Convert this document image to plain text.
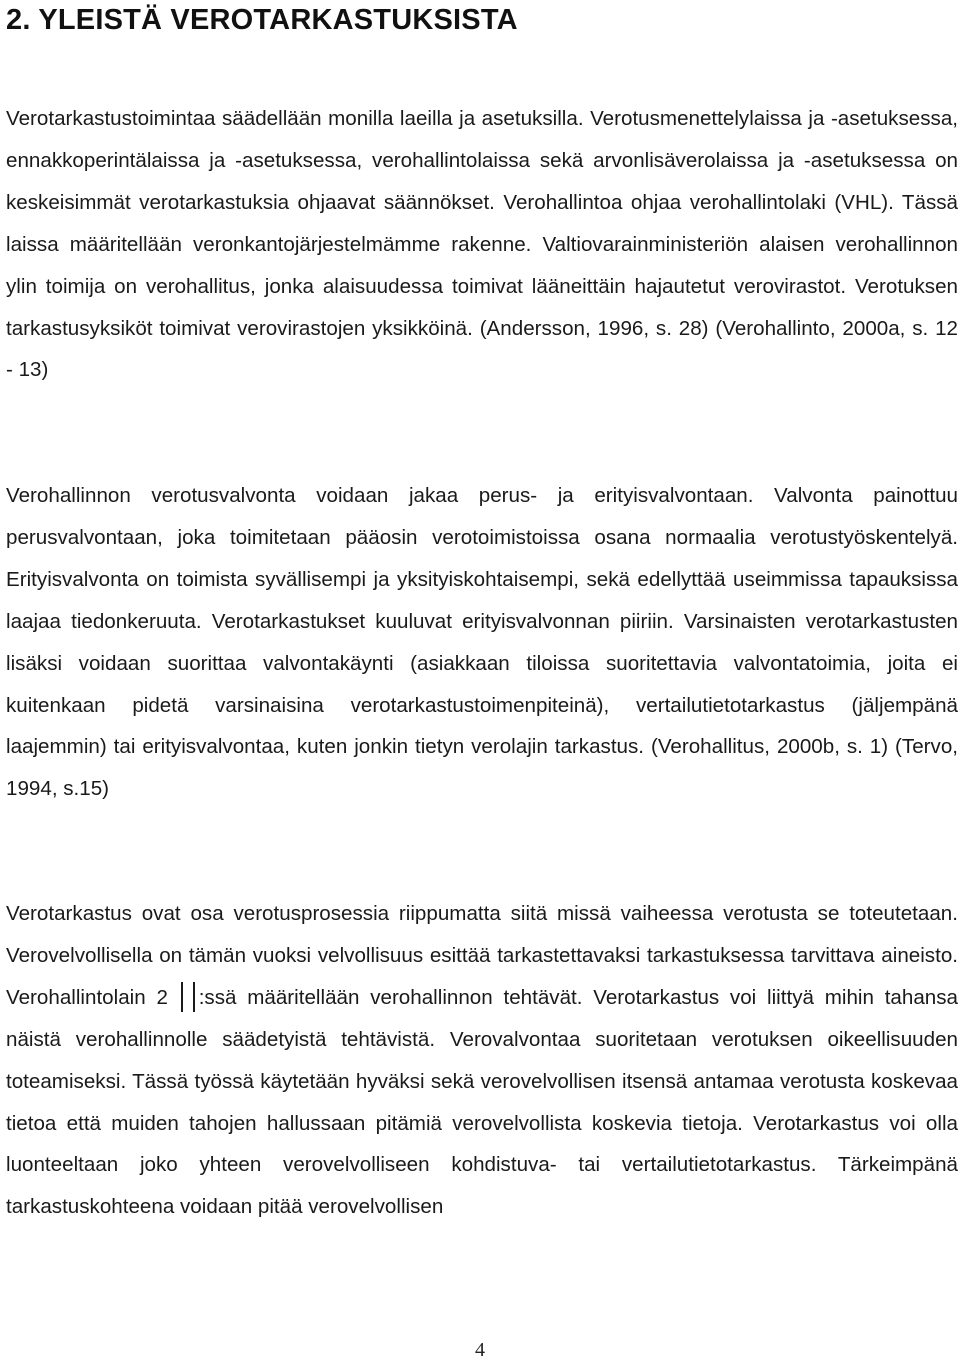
2. YLEISTÄ VEROTARKASTUKSISTA

Verotarkastustoimintaa säädellään monilla laeilla ja asetuksilla. Verotusmenettelylaissa ja -asetuksessa, ennakkoperintälaissa ja -asetuksessa, verohallintolaissa sekä arvonlisäverolaissa ja -asetuksessa on keskeisimmät verotarkastuksia ohjaavat säännökset. Verohallintoa ohjaa verohallintolaki (VHL). Tässä laissa määritellään veronkantojärjestelmämme rakenne. Valtiovarainministeriön alaisen verohallinnon ylin toimija on verohallitus, jonka alaisuudessa toimivat lääneittäin hajautetut verovirastot. Verotuksen tarkastusyksiköt toimivat verovirastojen yksikköinä. (Andersson, 1996, s. 28) (Verohallinto, 2000a, s. 12 - 13)

Verohallinnon verotusvalvonta voidaan jakaa perus- ja erityisvalvontaan. Valvonta painottuu perusvalvontaan, joka toimitetaan pääosin verotoimistoissa osana normaalia verotustyöskentelyä. Erityisvalvonta on toimista syvällisempi ja yksityiskohtaisempi, sekä edellyttää useimmissa tapauksissa laajaa tiedonkeruuta. Verotarkastukset kuuluvat erityisvalvonnan piiriin. Varsinaisten verotarkastusten lisäksi voidaan suorittaa valvontakäynti (asiakkaan tiloissa suoritettavia valvontatoimia, joita ei kuitenkaan pidetä varsinaisina verotarkastustoimenpiteinä), vertailutietotarkastus (jäljempänä laajemmin) tai erityisvalvontaa, kuten jonkin tietyn verolajin tarkastus. (Verohallitus, 2000b, s. 1) (Tervo, 1994, s.15)

Verotarkastus ovat osa verotusprosessia riippumatta siitä missä vaiheessa verotusta se toteutetaan. Verovelvollisella on tämän vuoksi velvollisuus esittää tarkastettavaksi tarkastuksessa tarvittava aineisto. Verohallintolain 2 :ssä määritellään verohallinnon tehtävät. Verotarkastus voi liittyä mihin tahansa näistä verohallinnolle säädetyistä tehtävistä. Verovalvontaa suoritetaan verotuksen oikeellisuuden toteamiseksi. Tässä työssä käytetään hyväksi sekä verovelvollisen itsensä antamaa verotusta koskevaa tietoa että muiden tahojen hallussaan pitämiä verovelvollista koskevia tietoja. Verotarkastus voi olla luonteeltaan joko yhteen verovelvolliseen kohdistuva- tai vertailutietotarkastus. Tärkeimpänä tarkastuskohteena voidaan pitää verovelvollisen

4
